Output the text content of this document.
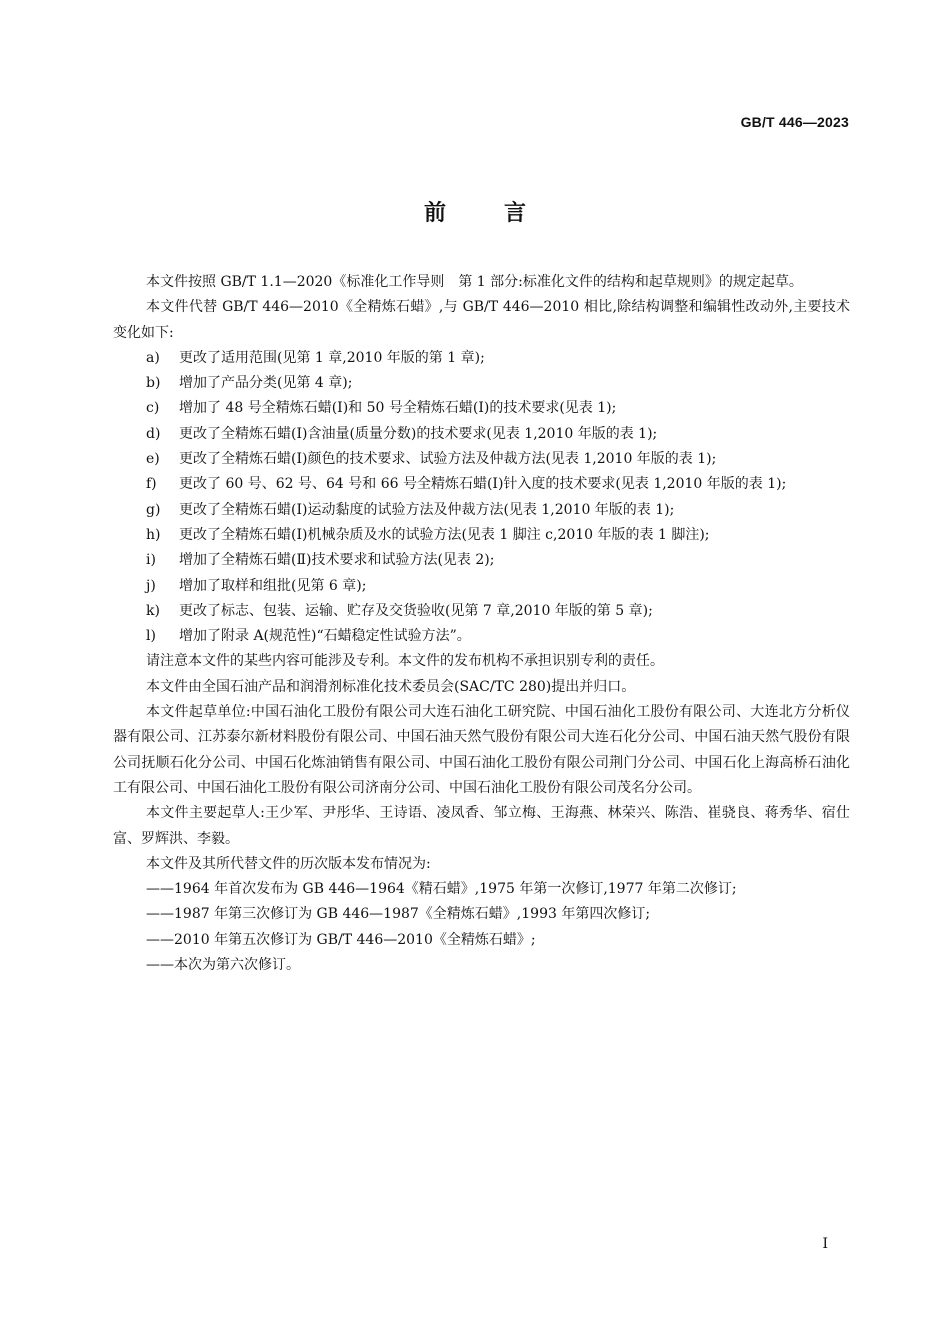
GB/T 446—2023
前	言
本文件按照 GB/T 1.1—2020《标准化工作导则　第 1 部分:标准化文件的结构和起草规则》的规定起草。
本文件代替 GB/T 446—2010《全精炼石蜡》,与 GB/T 446—2010 相比,除结构调整和编辑性改动外,主要技术变化如下:
a)	更改了适用范围(见第 1 章,2010 年版的第 1 章);
b)	增加了产品分类(见第 4 章);
c)	增加了 48 号全精炼石蜡(Ⅰ)和 50 号全精炼石蜡(Ⅰ)的技术要求(见表 1);
d)	更改了全精炼石蜡(Ⅰ)含油量(质量分数)的技术要求(见表 1,2010 年版的表 1);
e)	更改了全精炼石蜡(Ⅰ)颜色的技术要求、试验方法及仲裁方法(见表 1,2010 年版的表 1);
f)	更改了 60 号、62 号、64 号和 66 号全精炼石蜡(Ⅰ)针入度的技术要求(见表 1,2010 年版的表 1);
g)	更改了全精炼石蜡(Ⅰ)运动黏度的试验方法及仲裁方法(见表 1,2010 年版的表 1);
h)	更改了全精炼石蜡(Ⅰ)机械杂质及水的试验方法(见表 1 脚注 c,2010 年版的表 1 脚注);
i)	增加了全精炼石蜡(Ⅱ)技术要求和试验方法(见表 2);
j)	增加了取样和组批(见第 6 章);
k)	更改了标志、包装、运输、贮存及交货验收(见第 7 章,2010 年版的第 5 章);
l)	增加了附录 A(规范性)“石蜡稳定性试验方法”。
请注意本文件的某些内容可能涉及专利。本文件的发布机构不承担识别专利的责任。
本文件由全国石油产品和润滑剂标准化技术委员会(SAC/TC 280)提出并归口。
本文件起草单位:中国石油化工股份有限公司大连石油化工研究院、中国石油化工股份有限公司、大连北方分析仪器有限公司、江苏泰尔新材料股份有限公司、中国石油天然气股份有限公司大连石化分公司、中国石油天然气股份有限公司抚顺石化分公司、中国石化炼油销售有限公司、中国石油化工股份有限公司荆门分公司、中国石化上海高桥石油化工有限公司、中国石油化工股份有限公司济南分公司、中国石油化工股份有限公司茂名分公司。
本文件主要起草人:王少军、尹彤华、王诗语、凌凤香、邹立梅、王海燕、林荣兴、陈浩、崔骁良、蒋秀华、宿仕富、罗辉洪、李毅。
本文件及其所代替文件的历次版本发布情况为:
——1964 年首次发布为 GB 446—1964《精石蜡》,1975 年第一次修订,1977 年第二次修订;
——1987 年第三次修订为 GB 446—1987《全精炼石蜡》,1993 年第四次修订;
——2010 年第五次修订为 GB/T 446—2010《全精炼石蜡》;
——本次为第六次修订。
Ⅰ
